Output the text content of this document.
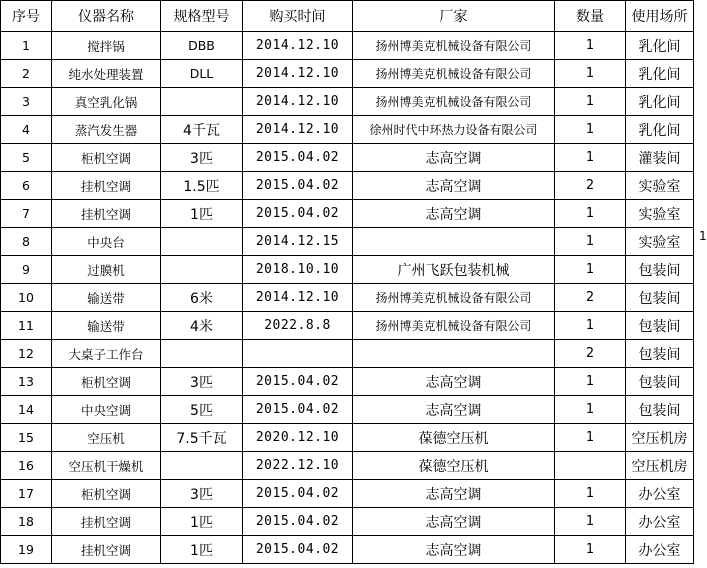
序号	仪器名称	规格型号	购买时间	厂家	数量	使用场所
1	搅拌锅	DBB	2014.12.10	扬州博美克机械设备有限公司	1	乳化间
2	纯水处理装置	DLL	2014.12.10	扬州博美克机械设备有限公司	1	乳化间
3	真空乳化锅		2014.12.10	扬州博美克机械设备有限公司	1	乳化间
4	蒸汽发生器	4千瓦	2014.12.10	徐州时代中环热力设备有限公司	1	乳化间
5	柜机空调	3匹	2015.04.02	志高空调	1	灌装间
6	挂机空调	1.5匹	2015.04.02	志高空调	2	实验室
7	挂机空调	1匹	2015.04.02	志高空调	1	实验室
8	中央台		2014.12.15		1	实验室
9	过膜机		2018.10.10	广州飞跃包装机械	1	包装间
10	输送带	6米	2014.12.10	扬州博美克机械设备有限公司	2	包装间
11	输送带	4米	2022.8.8	扬州博美克机械设备有限公司	1	包装间
12	大桌子工作台				2	包装间
13	柜机空调	3匹	2015.04.02	志高空调	1	包装间
14	中央空调	5匹	2015.04.02	志高空调	1	包装间
15	空压机	7.5千瓦	2020.12.10	葆德空压机	1	空压机房
16	空压机干燥机		2022.12.10	葆德空压机		空压机房
17	柜机空调	3匹	2015.04.02	志高空调	1	办公室
18	挂机空调	1匹	2015.04.02	志高空调	1	办公室
19	挂机空调	1匹	2015.04.02	志高空调	1	办公室
1
